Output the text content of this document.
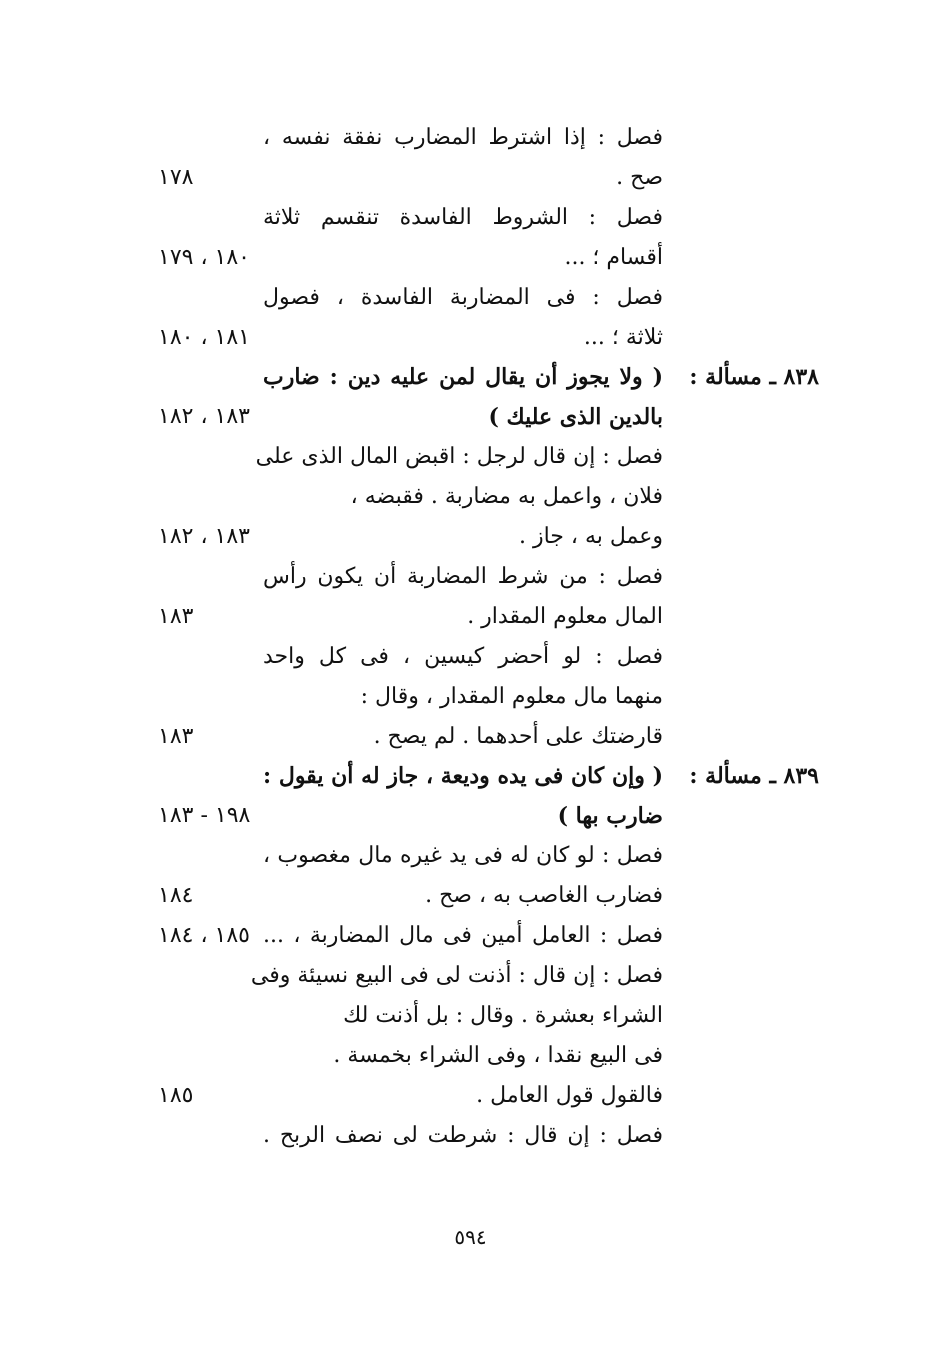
فصل : إذا اشترط المضارب نفقة نفسه ،
صح .
١٧٨
فصل : الشروط الفاسدة تنقسم ثلاثة
أقسام ؛ ...
١٨٠ ، ١٧٩
فصل : فى المضاربة الفاسدة ، فصول
ثلاثة ؛ ...
١٨١ ، ١٨٠
٨٣٨ ـ مسألة :
( ولا يجوز أن يقال لمن عليه دين : ضارب
بالدين الذى عليك )
١٨٣ ، ١٨٢
فصل : إن قال لرجل : اقبض المال الذى على
فلان ، واعمل به مضاربة . فقبضه ،
وعمل به ، جاز .
١٨٣ ، ١٨٢
فصل : من شرط المضاربة أن يكون رأس
المال معلوم المقدار .
١٨٣
فصل : لو أحضر كيسين ، فى كل واحد
منهما مال معلوم المقدار ، وقال :
قارضتك على أحدهما . لم يصح .
١٨٣
٨٣٩ ـ مسألة :
( وإن كان فى يده وديعة ، جاز له أن يقول :
ضارب بها )
١٩٨ - ١٨٣
فصل : لو كان له فى يد غيره مال مغصوب ،
فضارب الغاصب به ، صح .
١٨٤
فصل : العامل أمين فى مال المضاربة ، ...
١٨٥ ، ١٨٤
فصل : إن قال : أذنت لى فى البيع نسيئة وفى
الشراء بعشرة . وقال : بل أذنت لك
فى البيع نقدا ، وفى الشراء بخمسة .
فالقول قول العامل .
١٨٥
فصل : إن قال : شرطت لى نصف الربح .
٥٩٤
